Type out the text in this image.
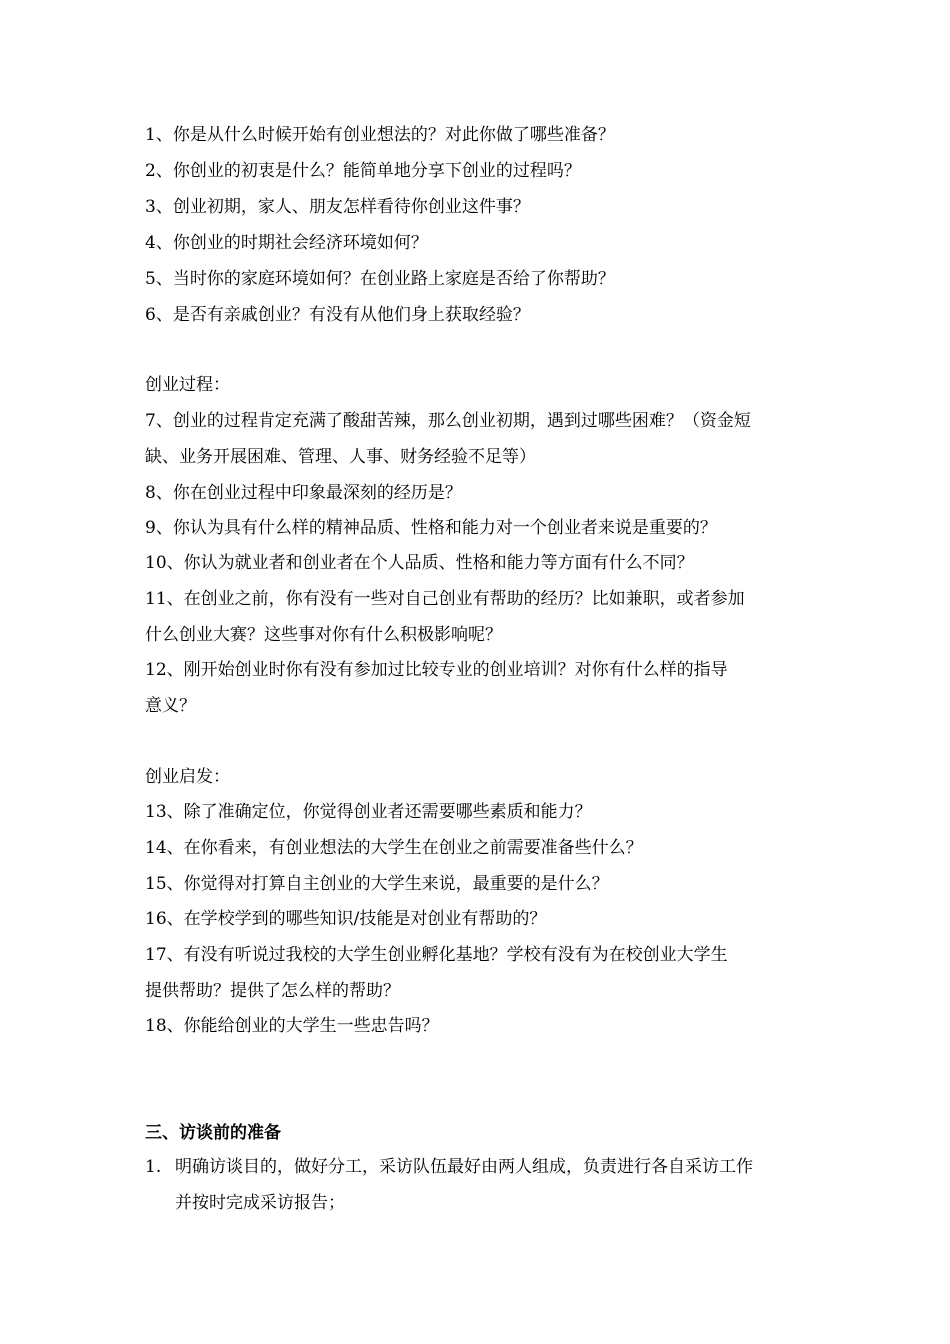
1、你是从什么时候开始有创业想法的？对此你做了哪些准备？
2、你创业的初衷是什么？能简单地分享下创业的过程吗？
3、创业初期，家人、朋友怎样看待你创业这件事？
4、你创业的时期社会经济环境如何？
5、当时你的家庭环境如何？在创业路上家庭是否给了你帮助？
6、是否有亲戚创业？有没有从他们身上获取经验？
创业过程：
7、创业的过程肯定充满了酸甜苦辣，那么创业初期，遇到过哪些困难？（资金短
缺、业务开展困难、管理、人事、财务经验不足等）
8、你在创业过程中印象最深刻的经历是？
9、你认为具有什么样的精神品质、性格和能力对一个创业者来说是重要的？
10、你认为就业者和创业者在个人品质、性格和能力等方面有什么不同？
11、在创业之前，你有没有一些对自己创业有帮助的经历？比如兼职，或者参加
什么创业大赛？这些事对你有什么积极影响呢？
12、刚开始创业时你有没有参加过比较专业的创业培训？对你有什么样的指导
意义？
创业启发：
13、除了准确定位，你觉得创业者还需要哪些素质和能力？
14、在你看来，有创业想法的大学生在创业之前需要准备些什么？
15、你觉得对打算自主创业的大学生来说，最重要的是什么？
16、在学校学到的哪些知识/技能是对创业有帮助的？
17、有没有听说过我校的大学生创业孵化基地？学校有没有为在校创业大学生
提供帮助？提供了怎么样的帮助？
18、你能给创业的大学生一些忠告吗？
三、访谈前的准备
1. 明确访谈目的，做好分工，采访队伍最好由两人组成，负责进行各自采访工作
并按时完成采访报告；
